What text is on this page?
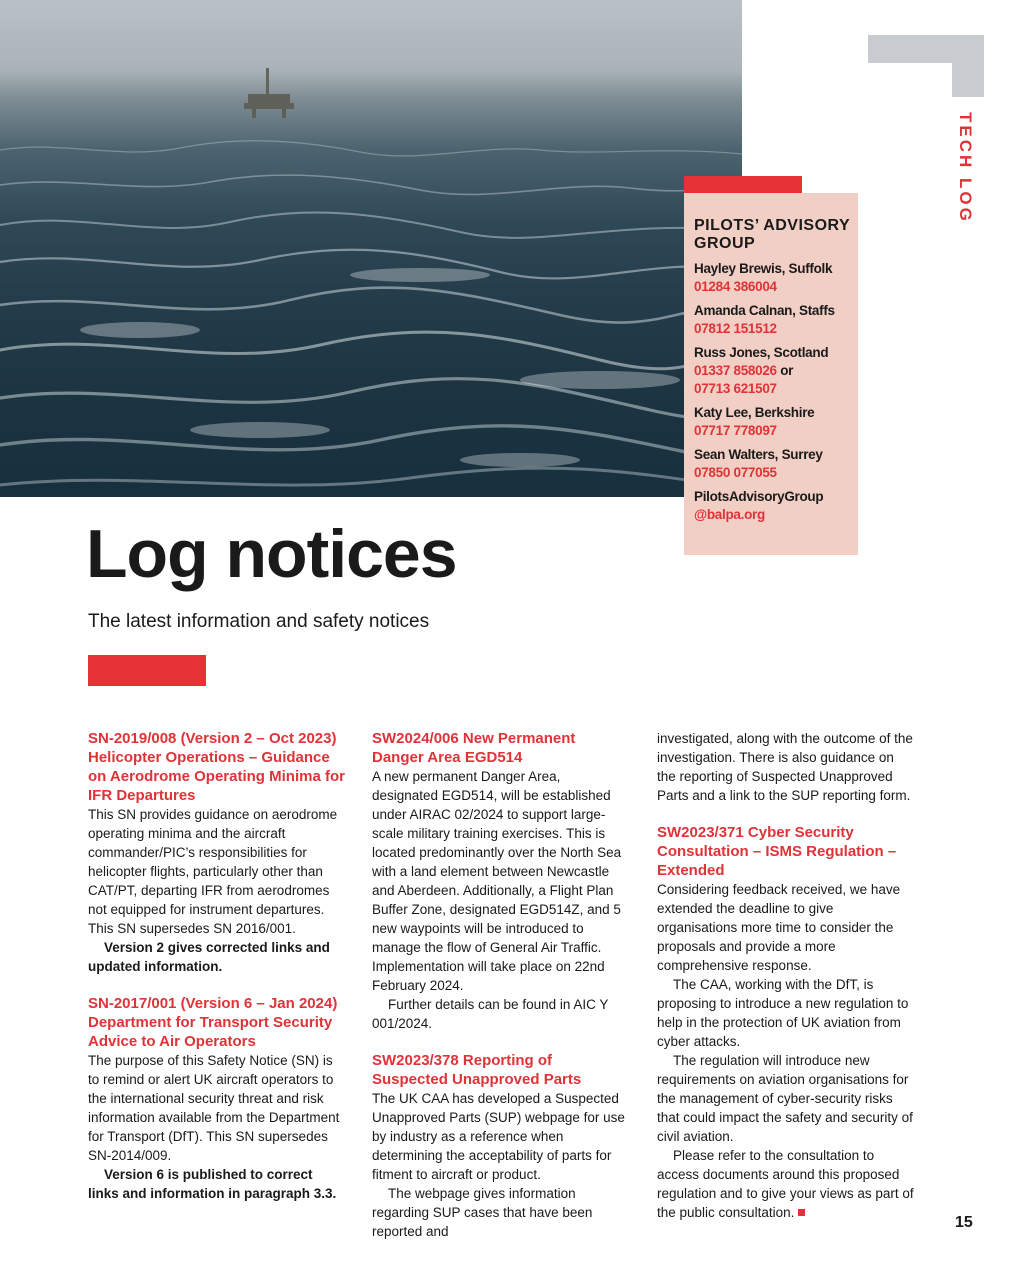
TECH LOG
PILOTS’ ADVISORY GROUP
Hayley Brewis, Suffolk
01284 386004
Amanda Calnan, Staffs
07812 151512
Russ Jones, Scotland
01337 858026 or
07713 621507
Katy Lee, Berkshire
07717 778097
Sean Walters, Surrey
07850 077055
PilotsAdvisoryGroup
@balpa.org
Log notices
The latest information and safety notices
SN-2019/008 (Version 2 – Oct 2023) Helicopter Operations – Guidance on Aerodrome Operating Minima for IFR Departures

This SN provides guidance on aerodrome operating minima and the aircraft commander/PIC’s responsibilities for helicopter flights, particularly other than CAT/PT, departing IFR from aerodromes not equipped for instrument departures. This SN supersedes SN 2016/001.

Version 2 gives corrected links and updated information.

SN-2017/001 (Version 6 – Jan 2024) Department for Transport Security Advice to Air Operators

The purpose of this Safety Notice (SN) is to remind or alert UK aircraft operators to the international security threat and risk information available from the Department for Transport (DfT). This SN supersedes SN-2014/009.

Version 6 is published to correct links and information in paragraph 3.3.

SW2024/006 New Permanent Danger Area EGD514

A new permanent Danger Area, designated EGD514, will be established under AIRAC 02/2024 to support large-scale military training exercises. This is located predominantly over the North Sea with a land element between Newcastle and Aberdeen. Additionally, a Flight Plan Buffer Zone, designated EGD514Z, and 5 new waypoints will be introduced to manage the flow of General Air Traffic. Implementation will take place on 22nd February 2024.

Further details can be found in AIC Y 001/2024.

SW2023/378 Reporting of Suspected Unapproved Parts

The UK CAA has developed a Suspected Unapproved Parts (SUP) webpage for use by industry as a reference when determining the acceptability of parts for fitment to aircraft or product.

The webpage gives information regarding SUP cases that have been reported and

investigated, along with the outcome of the investigation. There is also guidance on the reporting of Suspected Unapproved Parts and a link to the SUP reporting form.

SW2023/371 Cyber Security Consultation – ISMS Regulation – Extended

Considering feedback received, we have extended the deadline to give organisations more time to consider the proposals and provide a more comprehensive response.

The CAA, working with the DfT, is proposing to introduce a new regulation to help in the protection of UK aviation from cyber attacks.

The regulation will introduce new requirements on aviation organisations for the management of cyber-security risks that could impact the safety and security of civil aviation.

Please refer to the consultation to access documents around this proposed regulation and to give your views as part of the public consultation.

15
